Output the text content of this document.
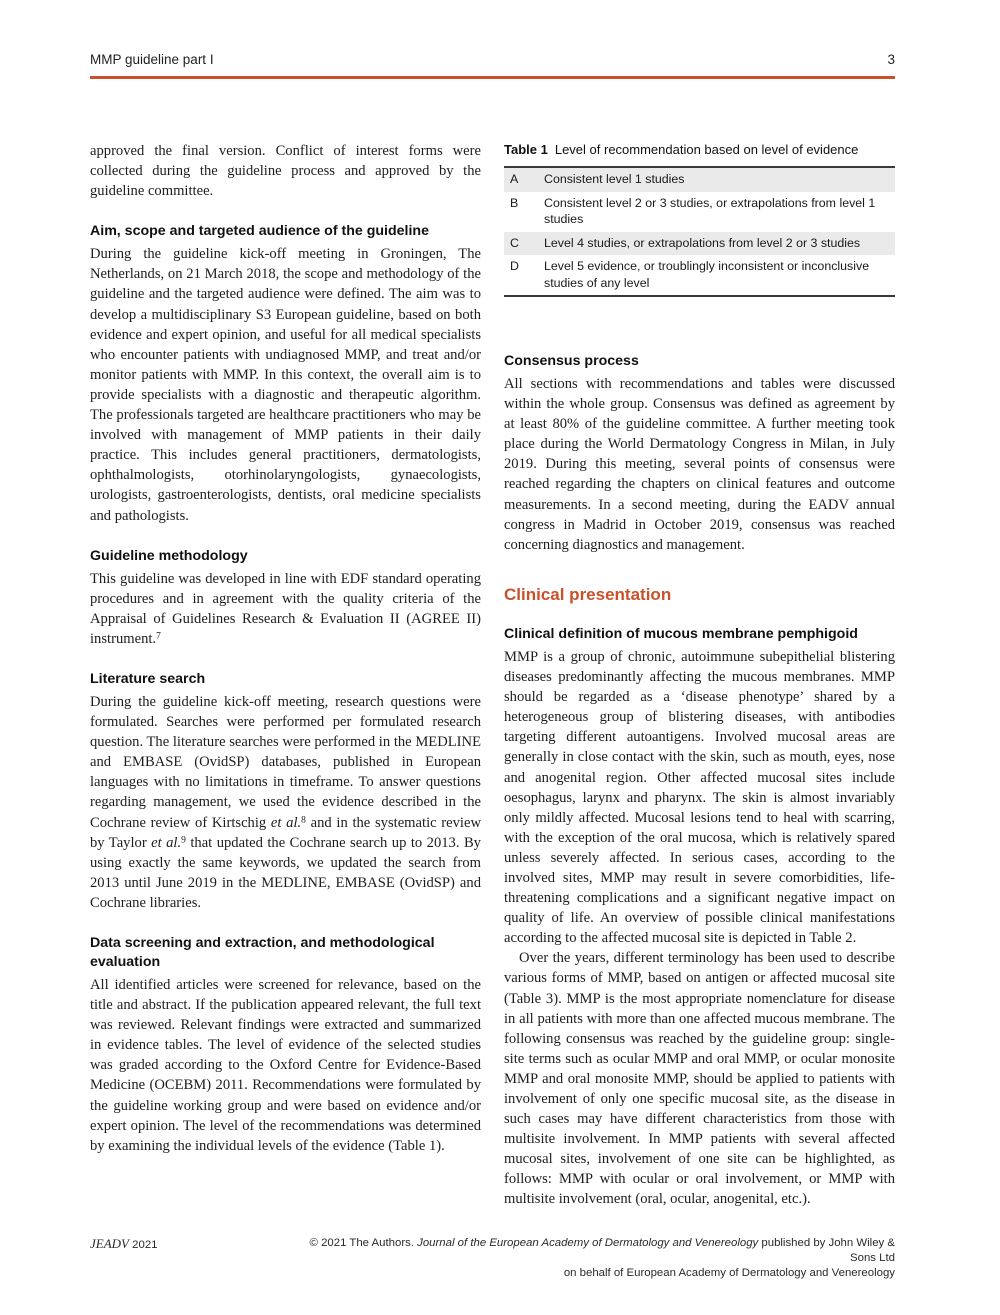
MMP guideline part I	3

approved the final version. Conflict of interest forms were collected during the guideline process and approved by the guideline committee.

Aim, scope and targeted audience of the guideline

During the guideline kick-off meeting in Groningen, The Netherlands, on 21 March 2018, the scope and methodology of the guideline and the targeted audience were defined. The aim was to develop a multidisciplinary S3 European guideline, based on both evidence and expert opinion, and useful for all medical specialists who encounter patients with undiagnosed MMP, and treat and/or monitor patients with MMP. In this context, the overall aim is to provide specialists with a diagnostic and therapeutic algorithm. The professionals targeted are healthcare practitioners who may be involved with management of MMP patients in their daily practice. This includes general practitioners, dermatologists, ophthalmologists, otorhinolaryngologists, gynaecologists, urologists, gastroenterologists, dentists, oral medicine specialists and pathologists.

Guideline methodology

This guideline was developed in line with EDF standard operating procedures and in agreement with the quality criteria of the Appraisal of Guidelines Research & Evaluation II (AGREE II) instrument.$^7$

Literature search

During the guideline kick-off meeting, research questions were formulated. Searches were performed per formulated research question. The literature searches were performed in the MEDLINE and EMBASE (OvidSP) databases, published in European languages with no limitations in timeframe. To answer questions regarding management, we used the evidence described in the Cochrane review of Kirtschig et al.$^8$ and in the systematic review by Taylor et al.$^9$ that updated the Cochrane search up to 2013. By using exactly the same keywords, we updated the search from 2013 until June 2019 in the MEDLINE, EMBASE (OvidSP) and Cochrane libraries.

Data screening and extraction, and methodological evaluation

All identified articles were screened for relevance, based on the title and abstract. If the publication appeared relevant, the full text was reviewed. Relevant findings were extracted and summarized in evidence tables. The level of evidence of the selected studies was graded according to the Oxford Centre for Evidence-Based Medicine (OCEBM) 2011. Recommendations were formulated by the guideline working group and were based on evidence and/or expert opinion. The level of the recommendations was determined by examining the individual levels of the evidence (Table 1).

Table 1 Level of recommendation based on level of evidence
A	Consistent level 1 studies
B	Consistent level 2 or 3 studies, or extrapolations from level 1 studies
C	Level 4 studies, or extrapolations from level 2 or 3 studies
D	Level 5 evidence, or troublingly inconsistent or inconclusive studies of any level
Consensus process

All sections with recommendations and tables were discussed within the whole group. Consensus was defined as agreement by at least 80% of the guideline committee. A further meeting took place during the World Dermatology Congress in Milan, in July 2019. During this meeting, several points of consensus were reached regarding the chapters on clinical features and outcome measurements. In a second meeting, during the EADV annual congress in Madrid in October 2019, consensus was reached concerning diagnostics and management.

Clinical presentation
Clinical definition of mucous membrane pemphigoid

MMP is a group of chronic, autoimmune subepithelial blistering diseases predominantly affecting the mucous membranes. MMP should be regarded as a ‘disease phenotype’ shared by a heterogeneous group of blistering diseases, with antibodies targeting different autoantigens. Involved mucosal areas are generally in close contact with the skin, such as mouth, eyes, nose and anogenital region. Other affected mucosal sites include oesophagus, larynx and pharynx. The skin is almost invariably only mildly affected. Mucosal lesions tend to heal with scarring, with the exception of the oral mucosa, which is relatively spared unless severely affected. In serious cases, according to the involved sites, MMP may result in severe comorbidities, life-threatening complications and a significant negative impact on quality of life. An overview of possible clinical manifestations according to the affected mucosal site is depicted in Table 2.

Over the years, different terminology has been used to describe various forms of MMP, based on antigen or affected mucosal site (Table 3). MMP is the most appropriate nomenclature for disease in all patients with more than one affected mucous membrane. The following consensus was reached by the guideline group: single-site terms such as ocular MMP and oral MMP, or ocular monosite MMP and oral monosite MMP, should be applied to patients with involvement of only one specific mucosal site, as the disease in such cases may have different characteristics from those with multisite involvement. In MMP patients with several affected mucosal sites, involvement of one site can be highlighted, as follows: MMP with ocular or oral involvement, or MMP with multisite involvement (oral, ocular, anogenital, etc.).

JEADV 2021	© 2021 The Authors. Journal of the European Academy of Dermatology and Venereology published by John Wiley & Sons Ltd
on behalf of European Academy of Dermatology and Venereology
